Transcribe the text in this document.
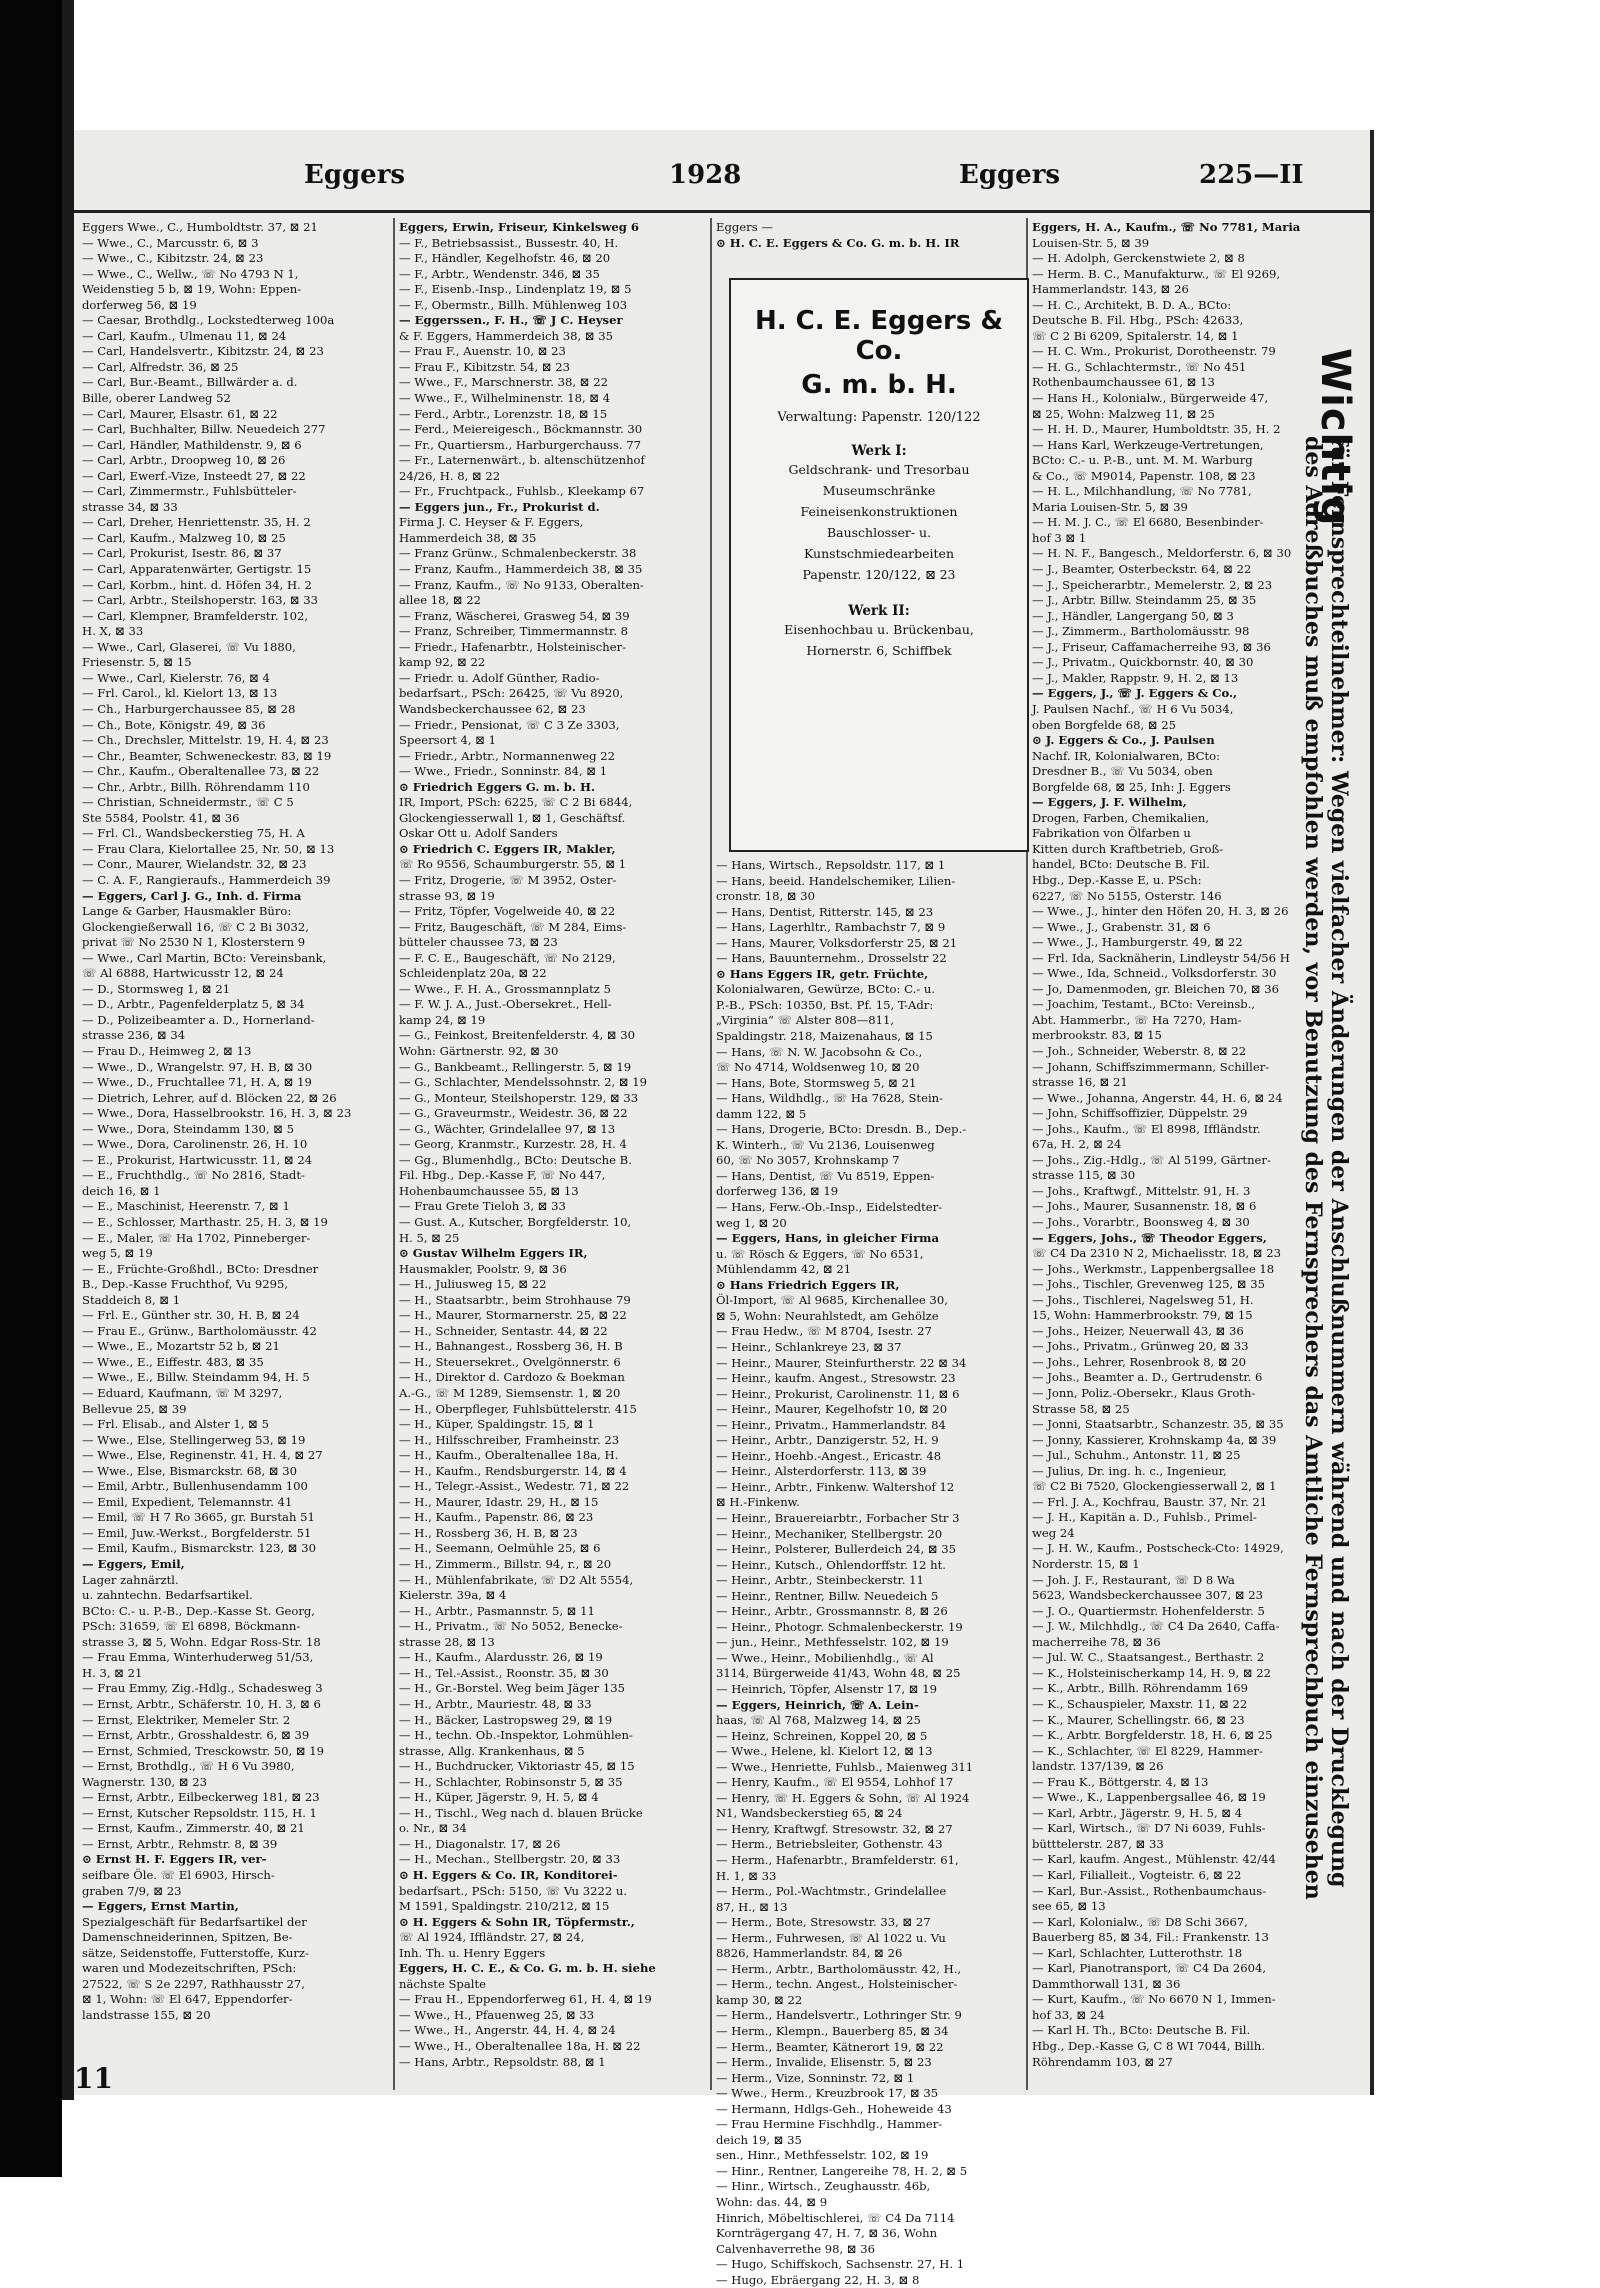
Eggers	1928	Eggers	225—II
Eggers Wwe., C., Humboldtstr. 37, ⊠ 21
— Wwe., C., Marcusstr. 6, ⊠ 3
— Wwe., C., Kibitzstr. 24, ⊠ 23
— Wwe., C., Wellw., ☏ No 4793 N 1,
Weidenstieg 5 b, ⊠ 19, Wohn: Eppen-
dorferweg 56, ⊠ 19
— Caesar, Brothdlg., Lockstedterweg 100a
— Carl, Kaufm., Ulmenau 11, ⊠ 24
— Carl, Handelsvertr., Kibitzstr. 24, ⊠ 23
— Carl, Alfredstr. 36, ⊠ 25
— Carl, Bur.-Beamt., Billwärder a. d.
Bille, oberer Landweg 52
— Carl, Maurer, Elsastr. 61, ⊠ 22
— Carl, Buchhalter, Billw. Neuedeich 277
— Carl, Händler, Mathildenstr. 9, ⊠ 6
— Carl, Arbtr., Droopweg 10, ⊠ 26
— Carl, Ewerf.-Vize, Insteedt 27, ⊠ 22
— Carl, Zimmermstr., Fuhlsbütteler-
strasse 34, ⊠ 33
— Carl, Dreher, Henriettenstr. 35, H. 2
— Carl, Kaufm., Malzweg 10, ⊠ 25
— Carl, Prokurist, Isestr. 86, ⊠ 37
— Carl, Apparatenwärter, Gertigstr. 15
— Carl, Korbm., hint. d. Höfen 34, H. 2
— Carl, Arbtr., Steilshoperstr. 163, ⊠ 33
— Carl, Klempner, Bramfelderstr. 102,
H. X, ⊠ 33
— Wwe., Carl, Glaserei, ☏ Vu 1880,
Friesenstr. 5, ⊠ 15
— Wwe., Carl, Kielerstr. 76, ⊠ 4
— Frl. Carol., kl. Kielort 13, ⊠ 13
— Ch., Harburgerchaussee 85, ⊠ 28
— Ch., Bote, Königstr. 49, ⊠ 36
— Ch., Drechsler, Mittelstr. 19, H. 4, ⊠ 23
— Chr., Beamter, Schweneckestr. 83, ⊠ 19
— Chr., Kaufm., Oberaltenallee 73, ⊠ 22
— Chr., Arbtr., Billh. Röhrendamm 110
— Christian, Schneidermstr., ☏ C 5
Ste 5584, Poolstr. 41, ⊠ 36
— Frl. Cl., Wandsbeckerstieg 75, H. A
— Frau Clara, Kielortallee 25, Nr. 50, ⊠ 13
— Conr., Maurer, Wielandstr. 32, ⊠ 23
— C. A. F., Rangieraufs., Hammerdeich 39
— Eggers, Carl J. G., Inh. d. Firma
Lange & Garber, Hausmakler Büro:
Glockengießerwall 16, ☏ C 2 Bi 3032,
privat ☏ No 2530 N 1, Klosterstern 9
— Wwe., Carl Martin, BCto: Vereinsbank,
☏ Al 6888, Hartwicusstr 12, ⊠ 24
— D., Stormsweg 1, ⊠ 21
— D., Arbtr., Pagenfelderplatz 5, ⊠ 34
— D., Polizeibeamter a. D., Hornerland-
strasse 236, ⊠ 34
— Frau D., Heimweg 2, ⊠ 13
— Wwe., D., Wrangelstr. 97, H. B, ⊠ 30
— Wwe., D., Fruchtallee 71, H. A, ⊠ 19
— Dietrich, Lehrer, auf d. Blöcken 22, ⊠ 26
— Wwe., Dora, Hasselbrookstr. 16, H. 3, ⊠ 23
— Wwe., Dora, Steindamm 130, ⊠ 5
— Wwe., Dora, Carolinenstr. 26, H. 10
— E., Prokurist, Hartwicusstr. 11, ⊠ 24
— E., Fruchthdlg., ☏ No 2816, Stadt-
deich 16, ⊠ 1
— E., Maschinist, Heerenstr. 7, ⊠ 1
— E., Schlosser, Marthastr. 25, H. 3, ⊠ 19
— E., Maler, ☏ Ha 1702, Pinneberger-
weg 5, ⊠ 19
— E., Früchte-Großhdl., BCto: Dresdner
B., Dep.-Kasse Fruchthof, Vu 9295,
Staddeich 8, ⊠ 1
— Frl. E., Günther str. 30, H. B, ⊠ 24
— Frau E., Grünw., Bartholomäusstr. 42
— Wwe., E., Mozartstr 52 b, ⊠ 21
— Wwe., E., Eiffestr. 483, ⊠ 35
— Wwe., E., Billw. Steindamm 94, H. 5
— Eduard, Kaufmann, ☏ M 3297,
Bellevue 25, ⊠ 39
— Frl. Elisab., and Alster 1, ⊠ 5
— Wwe., Else, Stellingerweg 53, ⊠ 19
— Wwe., Else, Reginenstr. 41, H. 4, ⊠ 27
— Wwe., Else, Bismarckstr. 68, ⊠ 30
— Emil, Arbtr., Bullenhusendamm 100
— Emil, Expedient, Telemannstr. 41
— Emil, ☏ H 7 Ro 3665, gr. Burstah 51
— Emil, Juw.-Werkst., Borgfelderstr. 51
— Emil, Kaufm., Bismarckstr. 123, ⊠ 30
— Eggers, Emil,
Lager zahnärztl.
u. zahntechn. Bedarfsartikel.
BCto: C.- u. P.-B., Dep.-Kasse St. Georg,
PSch: 31659, ☏ El 6898, Böckmann-
strasse 3, ⊠ 5, Wohn. Edgar Ross-Str. 18
— Frau Emma, Winterhuderweg 51/53,
H. 3, ⊠ 21
— Frau Emmy, Zig.-Hdlg., Schadesweg 3
— Ernst, Arbtr., Schäferstr. 10, H. 3, ⊠ 6
— Ernst, Elektriker, Memeler Str. 2
— Ernst, Arbtr., Grosshaldestr. 6, ⊠ 39
— Ernst, Schmied, Tresckowstr. 50, ⊠ 19
— Ernst, Brothdlg., ☏ H 6 Vu 3980,
Wagnerstr. 130, ⊠ 23
— Ernst, Arbtr., Eilbeckerweg 181, ⊠ 23
— Ernst, Kutscher Repsoldstr. 115, H. 1
— Ernst, Kaufm., Zimmerstr. 40, ⊠ 21
— Ernst, Arbtr., Rehmstr. 8, ⊠ 39
⊙ Ernst H. F. Eggers IR, ver-
seifbare Öle. ☏ El 6903, Hirsch-
graben 7/9, ⊠ 23
— Eggers, Ernst Martin,
Spezialgeschäft für Bedarfsartikel der
Damenschneiderinnen, Spitzen, Be-
sätze, Seidenstoffe, Futterstoffe, Kurz-
waren und Modezeitschriften, PSch:
27522, ☏ S 2e 2297, Rathhausstr 27,
⊠ 1, Wohn: ☏ El 647, Eppendorfer-
landstrasse 155, ⊠ 20
Eggers, Erwin, Friseur, Kinkelsweg 6
— F., Betriebsassist., Bussestr. 40, H.
— F., Händler, Kegelhofstr. 46, ⊠ 20
— F., Arbtr., Wendenstr. 346, ⊠ 35
— F., Eisenb.-Insp., Lindenplatz 19, ⊠ 5
— F., Obermstr., Billh. Mühlenweg 103
— Eggerssen., F. H., ☏ J C. Heyser
& F. Eggers, Hammerdeich 38, ⊠ 35
— Frau F., Auenstr. 10, ⊠ 23
— Frau F., Kibitzstr. 54, ⊠ 23
— Wwe., F., Marschnerstr. 38, ⊠ 22
— Wwe., F., Wilhelminenstr. 18, ⊠ 4
— Ferd., Arbtr., Lorenzstr. 18, ⊠ 15
— Ferd., Meiereigesch., Böckmannstr. 30
— Fr., Quartiersm., Harburgerchauss. 77
— Fr., Laternenwärt., b. altenschützenhof
24/26, H. 8, ⊠ 22
— Fr., Fruchtpack., Fuhlsb., Kleekamp 67
— Eggers jun., Fr., Prokurist d.
Firma J. C. Heyser & F. Eggers,
Hammerdeich 38, ⊠ 35
— Franz Grünw., Schmalenbeckerstr. 38
— Franz, Kaufm., Hammerdeich 38, ⊠ 35
— Franz, Kaufm., ☏ No 9133, Oberalten-
allee 18, ⊠ 22
— Franz, Wäscherei, Grasweg 54, ⊠ 39
— Franz, Schreiber, Timmermannstr. 8
— Friedr., Hafenarbtr., Holsteinischer-
kamp 92, ⊠ 22
— Friedr. u. Adolf Günther, Radio-
bedarfsart., PSch: 26425, ☏ Vu 8920,
Wandsbeckerchaussee 62, ⊠ 23
— Friedr., Pensionat, ☏ C 3 Ze 3303,
Speersort 4, ⊠ 1
— Friedr., Arbtr., Normannenweg 22
— Wwe., Friedr., Sonninstr. 84, ⊠ 1
⊙ Friedrich Eggers G. m. b. H.
IR, Import, PSch: 6225, ☏ C 2 Bi 6844,
Glockengiesserwall 1, ⊠ 1, Geschäftsf.
Oskar Ott u. Adolf Sanders
⊙ Friedrich C. Eggers IR, Makler,
☏ Ro 9556, Schaumburgerstr. 55, ⊠ 1
— Fritz, Drogerie, ☏ M 3952, Oster-
strasse 93, ⊠ 19
— Fritz, Töpfer, Vogelweide 40, ⊠ 22
— Fritz, Baugeschäft, ☏ M 284, Eims-
bütteler chaussee 73, ⊠ 23
— F. C. E., Baugeschäft, ☏ No 2129,
Schleidenplatz 20a, ⊠ 22
— Wwe., F. H. A., Grossmannplatz 5
— F. W. J. A., Just.-Obersekret., Hell-
kamp 24, ⊠ 19
— G., Feinkost, Breitenfelderstr. 4, ⊠ 30
Wohn: Gärtnerstr. 92, ⊠ 30
— G., Bankbeamt., Rellingerstr. 5, ⊠ 19
— G., Schlachter, Mendelssohnstr. 2, ⊠ 19
— G., Monteur, Steilshoperstr. 129, ⊠ 33
— G., Graveurmstr., Weidestr. 36, ⊠ 22
— G., Wächter, Grindelallee 97, ⊠ 13
— Georg, Kranmstr., Kurzestr. 28, H. 4
— Gg., Blumenhdlg., BCto: Deutsche B.
Fil. Hbg., Dep.-Kasse F, ☏ No 447,
Hohenbaumchaussee 55, ⊠ 13
— Frau Grete Tieloh 3, ⊠ 33
— Gust. A., Kutscher, Borgfelderstr. 10,
H. 5, ⊠ 25
⊙ Gustav Wilhelm Eggers IR,
Hausmakler, Poolstr. 9, ⊠ 36
— H., Juliusweg 15, ⊠ 22
— H., Staatsarbtr., beim Strohhause 79
— H., Maurer, Stormarnerstr. 25, ⊠ 22
— H., Schneider, Sentastr. 44, ⊠ 22
— H., Bahnangest., Rossberg 36, H. B
— H., Steuersekret., Ovelgönnerstr. 6
— H., Direktor d. Cardozo & Boekman
A.-G., ☏ M 1289, Siemsenstr. 1, ⊠ 20
— H., Oberpfleger, Fuhlsbüttelerstr. 415
— H., Küper, Spaldingstr. 15, ⊠ 1
— H., Hilfsschreiber, Framheinstr. 23
— H., Kaufm., Oberaltenallee 18a, H.
— H., Kaufm., Rendsburgerstr. 14, ⊠ 4
— H., Telegr.-Assist., Wedestr. 71, ⊠ 22
— H., Maurer, Idastr. 29, H., ⊠ 15
— H., Kaufm., Papenstr. 86, ⊠ 23
— H., Rossberg 36, H. B, ⊠ 23
— H., Seemann, Oelmühle 25, ⊠ 6
— H., Zimmerm., Billstr. 94, r., ⊠ 20
— H., Mühlenfabrikate, ☏ D2 Alt 5554,
Kielerstr. 39a, ⊠ 4
— H., Arbtr., Pasmannstr. 5, ⊠ 11
— H., Privatm., ☏ No 5052, Benecke-
strasse 28, ⊠ 13
— H., Kaufm., Alardusstr. 26, ⊠ 19
— H., Tel.-Assist., Roonstr. 35, ⊠ 30
— H., Gr.-Borstel. Weg beim Jäger 135
— H., Arbtr., Mauriestr. 48, ⊠ 33
— H., Bäcker, Lastropsweg 29, ⊠ 19
— H., techn. Ob.-Inspektor, Lohmühlen-
strasse, Allg. Krankenhaus, ⊠ 5
— H., Buchdrucker, Viktoriastr 45, ⊠ 15
— H., Schlachter, Robinsonstr 5, ⊠ 35
— H., Küper, Jägerstr. 9, H. 5, ⊠ 4
— H., Tischl., Weg nach d. blauen Brücke
o. Nr., ⊠ 34
— H., Diagonalstr. 17, ⊠ 26
— H., Mechan., Stellbergstr. 20, ⊠ 33
⊙ H. Eggers & Co. IR, Konditorei-
bedarfsart., PSch: 5150, ☏ Vu 3222 u.
M 1591, Spaldingstr. 210/212, ⊠ 15
⊙ H. Eggers & Sohn IR, Töpfermstr.,
☏ Al 1924, Iffländstr. 27, ⊠ 24,
Inh. Th. u. Henry Eggers
Eggers, H. C. E., & Co. G. m. b. H. siehe
nächste Spalte
— Frau H., Eppendorferweg 61, H. 4, ⊠ 19
— Wwe., H., Pfauenweg 25, ⊠ 33
— Wwe., H., Angerstr. 44, H. 4, ⊠ 24
— Wwe., H., Oberaltenallee 18a, H. ⊠ 22
— Hans, Arbtr., Repsoldstr. 88, ⊠ 1
Eggers —
⊙ H. C. E. Eggers & Co. G. m. b. H. IR
H. C. E. Eggers & Co.
G. m. b. H.
Verwaltung: Papenstr. 120/122
Werk I:
Geldschrank- und Tresorbau
Museumschränke
Feineisenkonstruktionen
Bauschlosser- u.
Kunstschmiedearbeiten
Papenstr. 120/122, ⊠ 23
Werk II:
Eisenhochbau u. Brückenbau,
Hornerstr. 6, Schiffbek
— Hans, Wirtsch., Repsoldstr. 117, ⊠ 1
— Hans, beeid. Handelschemiker, Lilien-
cronstr. 18, ⊠ 30
— Hans, Dentist, Ritterstr. 145, ⊠ 23
— Hans, Lagerhltr., Rambachstr 7, ⊠ 9
— Hans, Maurer, Volksdorferstr 25, ⊠ 21
— Hans, Bauunternehm., Drosselstr 22
⊙ Hans Eggers IR, getr. Früchte,
Kolonialwaren, Gewürze, BCto: C.- u.
P.-B., PSch: 10350, Bst. Pf. 15, T-Adr:
„Virginia“ ☏ Alster 808—811,
Spaldingstr. 218, Maizenahaus, ⊠ 15
— Hans, ☏ N. W. Jacobsohn & Co.,
☏ No 4714, Woldsenweg 10, ⊠ 20
— Hans, Bote, Stormsweg 5, ⊠ 21
— Hans, Wildhdlg., ☏ Ha 7628, Stein-
damm 122, ⊠ 5
— Hans, Drogerie, BCto: Dresdn. B., Dep.-
K. Winterh., ☏ Vu 2136, Louisenweg
60, ☏ No 3057, Krohnskamp 7
— Hans, Dentist, ☏ Vu 8519, Eppen-
dorferweg 136, ⊠ 19
— Hans, Ferw.-Ob.-Insp., Eidelstedter-
weg 1, ⊠ 20
— Eggers, Hans, in gleicher Firma
u. ☏ Rösch & Eggers, ☏ No 6531,
Mühlendamm 42, ⊠ 21
⊙ Hans Friedrich Eggers IR,
Öl-Import, ☏ Al 9685, Kirchenallee 30,
⊠ 5, Wohn: Neurahlstedt, am Gehölze
— Frau Hedw., ☏ M 8704, Isestr. 27
— Heinr., Schlankreye 23, ⊠ 37
— Heinr., Maurer, Steinfurtherstr. 22 ⊠ 34
— Heinr., kaufm. Angest., Stresowstr. 23
— Heinr., Prokurist, Carolinenstr. 11, ⊠ 6
— Heinr., Maurer, Kegelhofstr 10, ⊠ 20
— Heinr., Privatm., Hammerlandstr. 84
— Heinr., Arbtr., Danzigerstr. 52, H. 9
— Heinr., Hoehb.-Angest., Ericastr. 48
— Heinr., Alsterdorferstr. 113, ⊠ 39
— Heinr., Arbtr., Finkenw. Waltershof 12
⊠ H.-Finkenw.
— Heinr., Brauereiarbtr., Forbacher Str 3
— Heinr., Mechaniker, Stellbergstr. 20
— Heinr., Polsterer, Bullerdeich 24, ⊠ 35
— Heinr., Kutsch., Ohlendorffstr. 12 ht.
— Heinr., Arbtr., Steinbeckerstr. 11
— Heinr., Rentner, Billw. Neuedeich 5
— Heinr., Arbtr., Grossmannstr. 8, ⊠ 26
— Heinr., Photogr. Schmalenbeckerstr. 19
— jun., Heinr., Methfesselstr. 102, ⊠ 19
— Wwe., Heinr., Mobilienhdlg., ☏ Al
3114, Bürgerweide 41/43, Wohn 48, ⊠ 25
— Heinrich, Töpfer, Alsenstr 17, ⊠ 19
— Eggers, Heinrich, ☏ A. Lein-
haas, ☏ Al 768, Malzweg 14, ⊠ 25
— Heinz, Schreinen, Koppel 20, ⊠ 5
— Wwe., Helene, kl. Kielort 12, ⊠ 13
— Wwe., Henriette, Fuhlsb., Maienweg 311
— Henry, Kaufm., ☏ El 9554, Lohhof 17
— Henry, ☏ H. Eggers & Sohn, ☏ Al 1924
N1, Wandsbeckerstieg 65, ⊠ 24
— Henry, Kraftwgf. Stresowstr. 32, ⊠ 27
— Herm., Betriebsleiter, Gothenstr. 43
— Herm., Hafenarbtr., Bramfelderstr. 61,
H. 1, ⊠ 33
— Herm., Pol.-Wachtmstr., Grindelallee
87, H., ⊠ 13
— Herm., Bote, Stresowstr. 33, ⊠ 27
— Herm., Fuhrwesen, ☏ Al 1022 u. Vu
8826, Hammerlandstr. 84, ⊠ 26
— Herm., Arbtr., Bartholomäusstr. 42, H.,
— Herm., techn. Angest., Holsteinischer-
kamp 30, ⊠ 22
— Herm., Handelsvertr., Lothringer Str. 9
— Herm., Klempn., Bauerberg 85, ⊠ 34
— Herm., Beamter, Kätnerort 19, ⊠ 22
— Herm., Invalide, Elisenstr. 5, ⊠ 23
— Herm., Vize, Sonninstr. 72, ⊠ 1
— Wwe., Herm., Kreuzbrook 17, ⊠ 35
— Hermann, Hdlgs-Geh., Hoheweide 43
— Frau Hermine Fischhdlg., Hammer-
deich 19, ⊠ 35
sen., Hinr., Methfesselstr. 102, ⊠ 19
— Hinr., Rentner, Langereihe 78, H. 2, ⊠ 5
— Hinr., Wirtsch., Zeughausstr. 46b,
Wohn: das. 44, ⊠ 9
Hinrich, Möbeltischlerei, ☏ C4 Da 7114
Kornträgergang 47, H. 7, ⊠ 36, Wohn
Calvenhaverrethe 98, ⊠ 36
— Hugo, Schiffskoch, Sachsenstr. 27, H. 1
— Hugo, Ebräergang 22, H. 3, ⊠ 8
Eggers, H. A., Kaufm., ☏ No 7781, Maria
Louisen-Str. 5, ⊠ 39
— H. Adolph, Gerckenstwiete 2, ⊠ 8
— Herm. B. C., Manufakturw., ☏ El 9269,
Hammerlandstr. 143, ⊠ 26
— H. C., Architekt, B. D. A., BCto:
Deutsche B. Fil. Hbg., PSch: 42633,
☏ C 2 Bi 6209, Spitalerstr. 14, ⊠ 1
— H. C. Wm., Prokurist, Dorotheenstr. 79
— H. G., Schlachtermstr., ☏ No 451
Rothenbaumchaussee 61, ⊠ 13
— Hans H., Kolonialw., Bürgerweide 47,
⊠ 25, Wohn: Malzweg 11, ⊠ 25
— H. H. D., Maurer, Humboldtstr. 35, H. 2
— Hans Karl, Werkzeuge-Vertretungen,
BCto: C.- u. P.-B., unt. M. M. Warburg
& Co., ☏ M9014, Papenstr. 108, ⊠ 23
— H. L., Milchhandlung, ☏ No 7781,
Maria Louisen-Str. 5, ⊠ 39
— H. M. J. C., ☏ El 6680, Besenbinder-
hof 3 ⊠ 1
— H. N. F., Bangesch., Meldorferstr. 6, ⊠ 30
— J., Beamter, Osterbeckstr. 64, ⊠ 22
— J., Speicherarbtr., Memelerstr. 2, ⊠ 23
— J., Arbtr. Billw. Steindamm 25, ⊠ 35
— J., Händler, Langergang 50, ⊠ 3
— J., Zimmerm., Bartholomäusstr. 98
— J., Friseur, Caffamacherreihe 93, ⊠ 36
— J., Privatm., Quickbornstr. 40, ⊠ 30
— J., Makler, Rappstr. 9, H. 2, ⊠ 13
— Eggers, J., ☏ J. Eggers & Co.,
J. Paulsen Nachf., ☏ H 6 Vu 5034,
oben Borgfelde 68, ⊠ 25
⊙ J. Eggers & Co., J. Paulsen
Nachf. IR, Kolonialwaren, BCto:
Dresdner B., ☏ Vu 5034, oben
Borgfelde 68, ⊠ 25, Inh: J. Eggers
— Eggers, J. F. Wilhelm,
Drogen, Farben, Chemikalien,
Fabrikation von Ölfarben u
Kitten durch Kraftbetrieb, Groß-
handel, BCto: Deutsche B. Fil.
Hbg., Dep.-Kasse E, u. PSch:
6227, ☏ No 5155, Osterstr. 146
— Wwe., J., hinter den Höfen 20, H. 3, ⊠ 26
— Wwe., J., Grabenstr. 31, ⊠ 6
— Wwe., J., Hamburgerstr. 49, ⊠ 22
— Frl. Ida, Sacknäherin, Lindleystr 54/56 H
— Wwe., Ida, Schneid., Volksdorferstr. 30
— Jo, Damenmoden, gr. Bleichen 70, ⊠ 36
— Joachim, Testamt., BCto: Vereinsb.,
Abt. Hammerbr., ☏ Ha 7270, Ham-
merbrookstr. 83, ⊠ 15
— Joh., Schneider, Weberstr. 8, ⊠ 22
— Johann, Schiffszimmermann, Schiller-
strasse 16, ⊠ 21
— Wwe., Johanna, Angerstr. 44, H. 6, ⊠ 24
— John, Schiffsoffizier, Düppelstr. 29
— Johs., Kaufm., ☏ El 8998, Iffländstr.
67a, H. 2, ⊠ 24
— Johs., Zig.-Hdlg., ☏ Al 5199, Gärtner-
strasse 115, ⊠ 30
— Johs., Kraftwgf., Mittelstr. 91, H. 3
— Johs., Maurer, Susannenstr. 18, ⊠ 6
— Johs., Vorarbtr., Boonsweg 4, ⊠ 30
— Eggers, Johs., ☏ Theodor Eggers,
☏ C4 Da 2310 N 2, Michaelisstr. 18, ⊠ 23
— Johs., Werkmstr., Lappenbergsallee 18
— Johs., Tischler, Grevenweg 125, ⊠ 35
— Johs., Tischlerei, Nagelsweg 51, H.
15, Wohn: Hammerbrookstr. 79, ⊠ 15
— Johs., Heizer, Neuerwall 43, ⊠ 36
— Johs., Privatm., Grünweg 20, ⊠ 33
— Johs., Lehrer, Rosenbrook 8, ⊠ 20
— Johs., Beamter a. D., Gertrudenstr. 6
— Jonn, Poliz.-Obersekr., Klaus Groth-
Strasse 58, ⊠ 25
— Jonni, Staatsarbtr., Schanzestr. 35, ⊠ 35
— Jonny, Kassierer, Krohnskamp 4a, ⊠ 39
— Jul., Schuhm., Antonstr. 11, ⊠ 25
— Julius, Dr. ing. h. c., Ingenieur,
☏ C2 Bi 7520, Glockengiesserwall 2, ⊠ 1
— Frl. J. A., Kochfrau, Baustr. 37, Nr. 21
— J. H., Kapitän a. D., Fuhlsb., Primel-
weg 24
— J. H. W., Kaufm., Postscheck-Cto: 14929,
Norderstr. 15, ⊠ 1
— Joh. J. F., Restaurant, ☏ D 8 Wa
5623, Wandsbeckerchaussee 307, ⊠ 23
— J. O., Quartiermstr. Hohenfelderstr. 5
— J. W., Milchhdlg., ☏ C4 Da 2640, Caffa-
macherreihe 78, ⊠ 36
— Jul. W. C., Staatsangest., Berthastr. 2
— K., Holsteinischerkamp 14, H. 9, ⊠ 22
— K., Arbtr., Billh. Röhrendamm 169
— K., Schauspieler, Maxstr. 11, ⊠ 22
— K., Maurer, Schellingstr. 66, ⊠ 23
— K., Arbtr. Borgfelderstr. 18, H. 6, ⊠ 25
— K., Schlachter, ☏ El 8229, Hammer-
landstr. 137/139, ⊠ 26
— Frau K., Böttgerstr. 4, ⊠ 13
— Wwe., K., Lappenbergsallee 46, ⊠ 19
— Karl, Arbtr., Jägerstr. 9, H. 5, ⊠ 4
— Karl, Wirtsch., ☏ D7 Ni 6039, Fuhls-
bütttelerstr. 287, ⊠ 33
— Karl, kaufm. Angest., Mühlenstr. 42/44
— Karl, Filialleit., Vogteistr. 6, ⊠ 22
— Karl, Bur.-Assist., Rothenbaumchaus-
see 65, ⊠ 13
— Karl, Kolonialw., ☏ D8 Schi 3667,
Bauerberg 85, ⊠ 34, Fil.: Frankenstr. 13
— Karl, Schlachter, Lutterothstr. 18
— Karl, Pianotransport, ☏ C4 Da 2604,
Dammthorwall 131, ⊠ 36
— Kurt, Kaufm., ☏ No 6670 N 1, Immen-
hof 33, ⊠ 24
— Karl H. Th., BCto: Deutsche B. Fil.
Hbg., Dep.-Kasse G, C 8 WI 7044, Billh.
Röhrendamm 103, ⊠ 27
Wichtig
für Fernsprechteilnehmer: Wegen vielfacher Änderungen der Anschlußnummern während und nach der Drucklegung
des Adreßbuches muß empfohlen werden, vor Benutzung des Fernsprechers das Amtliche Fernsprechbuch einzusehen
11
